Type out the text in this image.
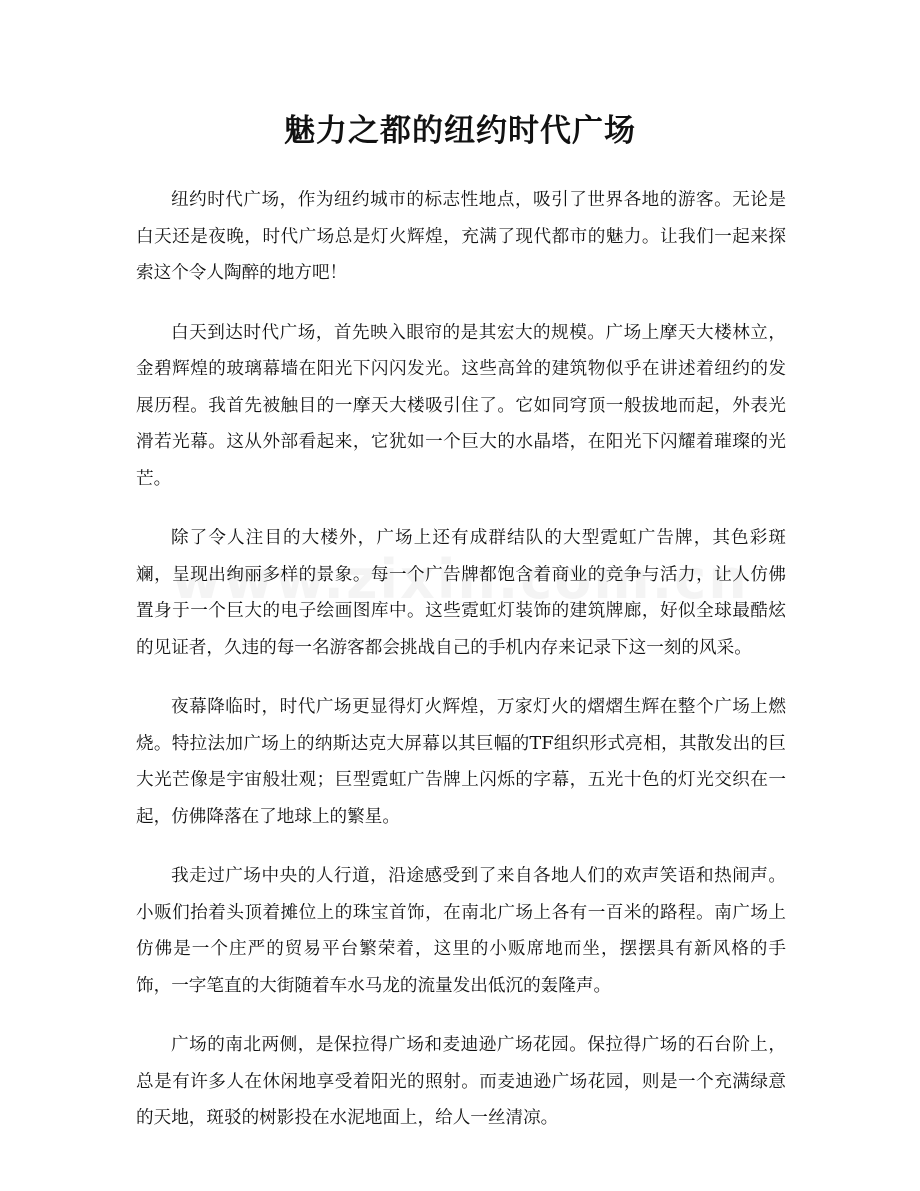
魅力之都的纽约时代广场

纽约时代广场，作为纽约城市的标志性地点，吸引了世界各地的游客。无论是白天还是夜晚，时代广场总是灯火辉煌，充满了现代都市的魅力。让我们一起来探索这个令人陶醉的地方吧！

白天到达时代广场，首先映入眼帘的是其宏大的规模。广场上摩天大楼林立，金碧辉煌的玻璃幕墙在阳光下闪闪发光。这些高耸的建筑物似乎在讲述着纽约的发展历程。我首先被触目的一摩天大楼吸引住了。它如同穹顶一般拔地而起，外表光滑若光幕。这从外部看起来，它犹如一个巨大的水晶塔，在阳光下闪耀着璀璨的光芒。

除了令人注目的大楼外，广场上还有成群结队的大型霓虹广告牌，其色彩斑斓，呈现出绚丽多样的景象。每一个广告牌都饱含着商业的竞争与活力，让人仿佛置身于一个巨大的电子绘画图库中。这些霓虹灯装饰的建筑牌廊，好似全球最酷炫的见证者，久违的每一名游客都会挑战自己的手机内存来记录下这一刻的风采。

夜幕降临时，时代广场更显得灯火辉煌，万家灯火的熠熠生辉在整个广场上燃烧。特拉法加广场上的纳斯达克大屏幕以其巨幅的TF组织形式亮相，其散发出的巨大光芒像是宇宙般壮观；巨型霓虹广告牌上闪烁的字幕，五光十色的灯光交织在一起，仿佛降落在了地球上的繁星。

我走过广场中央的人行道，沿途感受到了来自各地人们的欢声笑语和热闹声。小贩们抬着头顶着摊位上的珠宝首饰，在南北广场上各有一百米的路程。南广场上仿佛是一个庄严的贸易平台繁荣着，这里的小贩席地而坐，摆摆具有新风格的手饰，一字笔直的大街随着车水马龙的流量发出低沉的轰隆声。

广场的南北两侧，是保拉得广场和麦迪逊广场花园。保拉得广场的石台阶上，总是有许多人在休闲地享受着阳光的照射。而麦迪逊广场花园，则是一个充满绿意的天地，斑驳的树影投在水泥地面上，给人一丝清凉。
